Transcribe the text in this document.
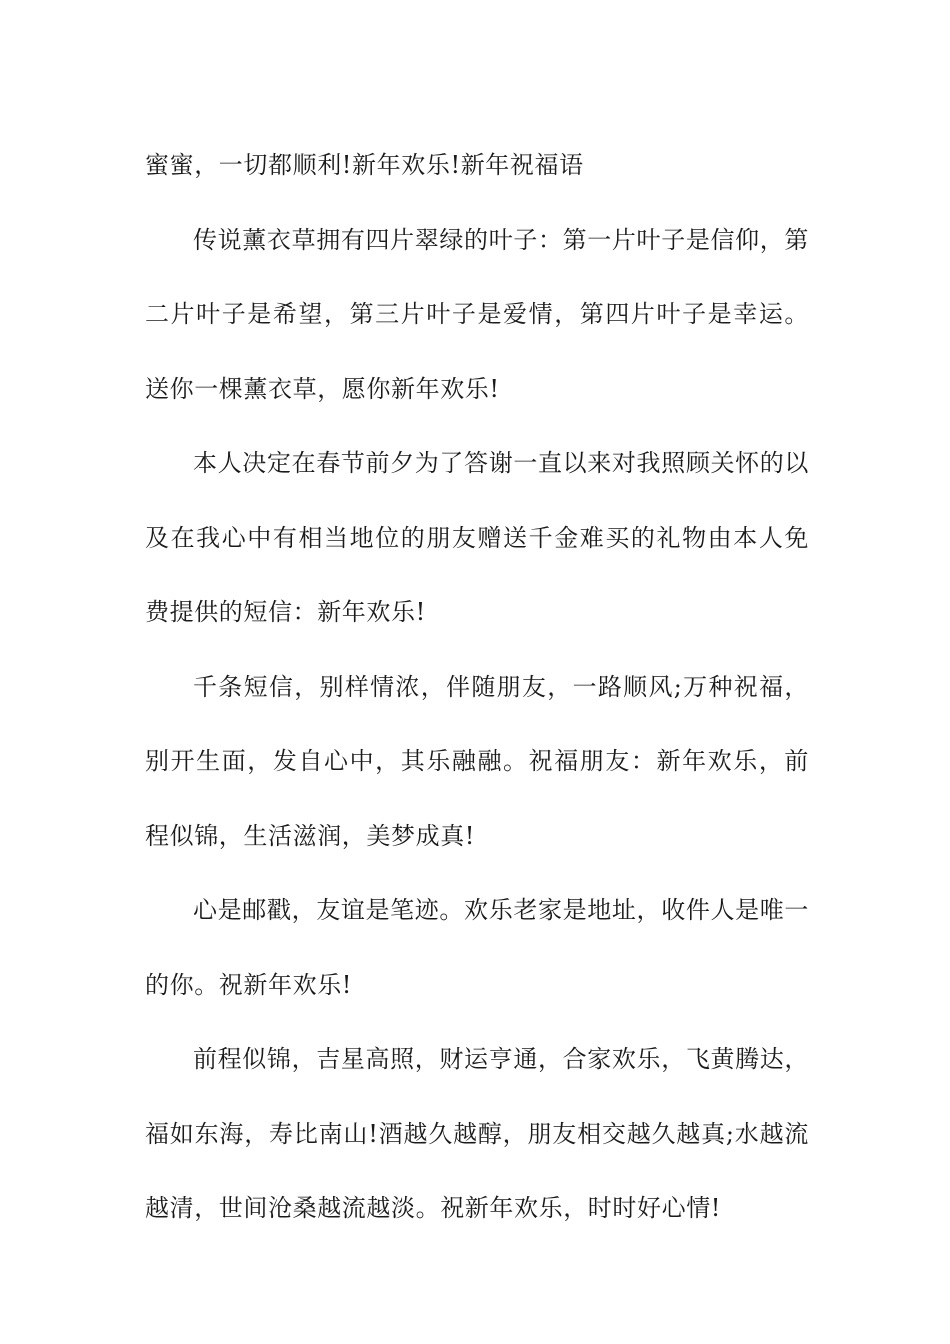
蜜蜜，一切都顺利!新年欢乐!新年祝福语

传说薰衣草拥有四片翠绿的叶子：第一片叶子是信仰，第二片叶子是希望，第三片叶子是爱情，第四片叶子是幸运。送你一棵薰衣草，愿你新年欢乐!

本人决定在春节前夕为了答谢一直以来对我照顾关怀的以及在我心中有相当地位的朋友赠送千金难买的礼物由本人免费提供的短信：新年欢乐!

千条短信，别样情浓，伴随朋友，一路顺风;万种祝福，别开生面，发自心中，其乐融融。祝福朋友：新年欢乐，前程似锦，生活滋润，美梦成真!

心是邮戳，友谊是笔迹。欢乐老家是地址，收件人是唯一的你。祝新年欢乐!

前程似锦，吉星高照，财运亨通，合家欢乐，飞黄腾达，福如东海，寿比南山!酒越久越醇，朋友相交越久越真;水越流越清，世间沧桑越流越淡。祝新年欢乐，时时好心情!
